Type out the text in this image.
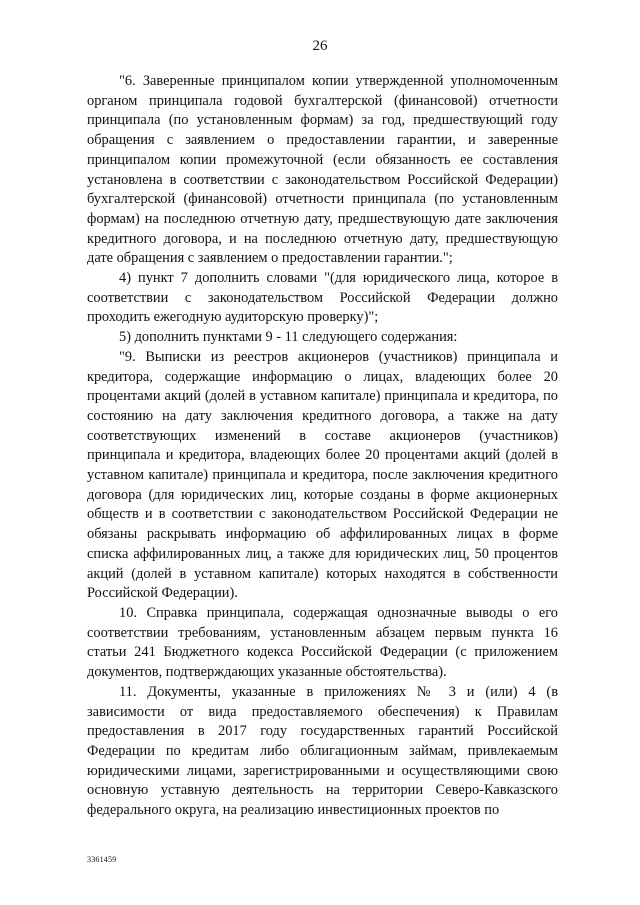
26

"6. Заверенные принципалом копии утвержденной уполномоченным органом принципала годовой бухгалтерской (финансовой) отчетности принципала (по установленным формам) за год, предшествующий году обращения с заявлением о предоставлении гарантии, и заверенные принципалом копии промежуточной (если обязанность ее составления установлена в соответствии с законодательством Российской Федерации) бухгалтерской (финансовой) отчетности принципала (по установленным формам) на последнюю отчетную дату, предшествующую дате заключения кредитного договора, и на последнюю отчетную дату, предшествующую дате обращения с заявлением о предоставлении гарантии.";

4) пункт 7 дополнить словами "(для юридического лица, которое в соответствии с законодательством Российской Федерации должно проходить ежегодную аудиторскую проверку)";

5) дополнить пунктами 9 - 11 следующего содержания:

"9. Выписки из реестров акционеров (участников) принципала и кредитора, содержащие информацию о лицах, владеющих более 20 процентами акций (долей в уставном капитале) принципала и кредитора, по состоянию на дату заключения кредитного договора, а также на дату соответствующих изменений в составе акционеров (участников) принципала и кредитора, владеющих более 20 процентами акций (долей в уставном капитале) принципала и кредитора, после заключения кредитного договора (для юридических лиц, которые созданы в форме акционерных обществ и в соответствии с законодательством Российской Федерации не обязаны раскрывать информацию об аффилированных лицах в форме списка аффилированных лиц, а также для юридических лиц, 50 процентов акций (долей в уставном капитале) которых находятся в собственности Российской Федерации).

10. Справка принципала, содержащая однозначные выводы о его соответствии требованиям, установленным абзацем первым пункта 16 статьи 241 Бюджетного кодекса Российской Федерации (с приложением документов, подтверждающих указанные обстоятельства).

11. Документы, указанные в приложениях № 3 и (или) 4 (в зависимости от вида предоставляемого обеспечения) к Правилам предоставления в 2017 году государственных гарантий Российской Федерации по кредитам либо облигационным займам, привлекаемым юридическими лицами, зарегистрированными и осуществляющими свою основную уставную деятельность на территории Северо-Кавказского федерального округа, на реализацию инвестиционных проектов по

3361459
